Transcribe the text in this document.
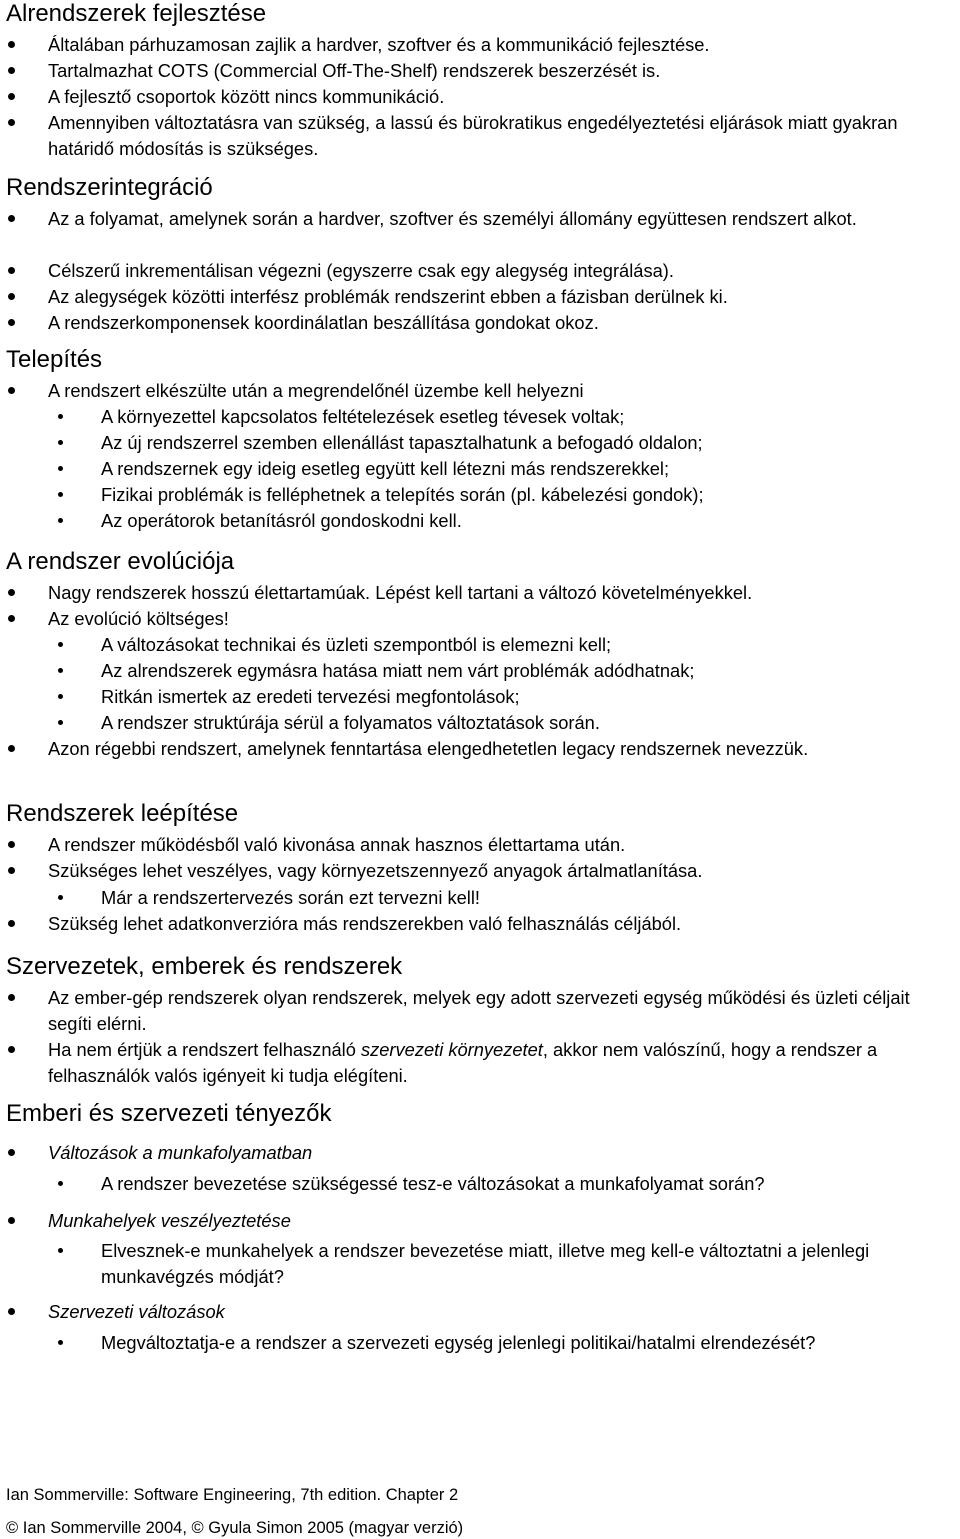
Alrendszerek fejlesztése

Általában párhuzamosan zajlik a hardver, szoftver és a kommunikáció fejlesztése.

Tartalmazhat COTS (Commercial Off-The-Shelf) rendszerek beszerzését is.

A fejlesztő csoportok között nincs kommunikáció.

Amennyiben változtatásra van szükség, a lassú és bürokratikus engedélyeztetési eljárások miatt gyakran határidő módosítás is szükséges.

Rendszerintegráció

Az a folyamat, amelynek során a hardver, szoftver és személyi állomány együttesen rendszert alkot.

Célszerű inkrementálisan végezni (egyszerre csak egy alegység integrálása).

Az alegységek közötti interfész problémák rendszerint ebben a fázisban derülnek ki.

A rendszerkomponensek koordinálatlan beszállítása gondokat okoz.

Telepítés

A rendszert elkészülte után a megrendelőnél üzembe kell helyezni

A környezettel kapcsolatos feltételezések esetleg tévesek voltak;

Az új rendszerrel szemben ellenállást tapasztalhatunk a befogadó oldalon;

A rendszernek egy ideig esetleg együtt kell létezni más rendszerekkel;

Fizikai problémák is felléphetnek a telepítés során (pl. kábelezési gondok);

Az operátorok betanításról gondoskodni kell.

A rendszer evolúciója

Nagy rendszerek hosszú élettartamúak. Lépést kell tartani a változó követelményekkel.

Az evolúció költséges!

A változásokat technikai és üzleti szempontból is elemezni kell;

Az alrendszerek egymásra hatása miatt nem várt problémák adódhatnak;

Ritkán ismertek az eredeti tervezési megfontolások;

A rendszer struktúrája sérül a folyamatos változtatások során.

Azon régebbi rendszert, amelynek fenntartása elengedhetetlen legacy rendszernek nevezzük.

Rendszerek leépítése

A rendszer működésből való kivonása annak hasznos élettartama után.

Szükséges lehet veszélyes, vagy környezetszennyező anyagok ártalmatlanítása.

Már a rendszertervezés során ezt tervezni kell!

Szükség lehet adatkonverzióra más rendszerekben való felhasználás céljából.

Szervezetek, emberek és rendszerek

Az ember-gép rendszerek olyan rendszerek, melyek egy adott szervezeti egység működési és üzleti céljait segíti elérni.

Ha nem értjük a rendszert felhasználó szervezeti környezetet, akkor nem valószínű, hogy a rendszer a felhasználók valós igényeit ki tudja elégíteni.

Emberi és szervezeti tényezők

Változások a munkafolyamatban

A rendszer bevezetése szükségessé tesz-e változásokat a munkafolyamat során?

Munkahelyek veszélyeztetése

Elvesznek-e munkahelyek a rendszer bevezetése miatt, illetve meg kell-e változtatni a jelenlegi munkavégzés módját?

Szervezeti változások

Megváltoztatja-e a rendszer a szervezeti egység jelenlegi politikai/hatalmi elrendezését?

Ian Sommerville: Software Engineering, 7th edition. Chapter 2
© Ian Sommerville 2004, © Gyula Simon 2005 (magyar verzió)
